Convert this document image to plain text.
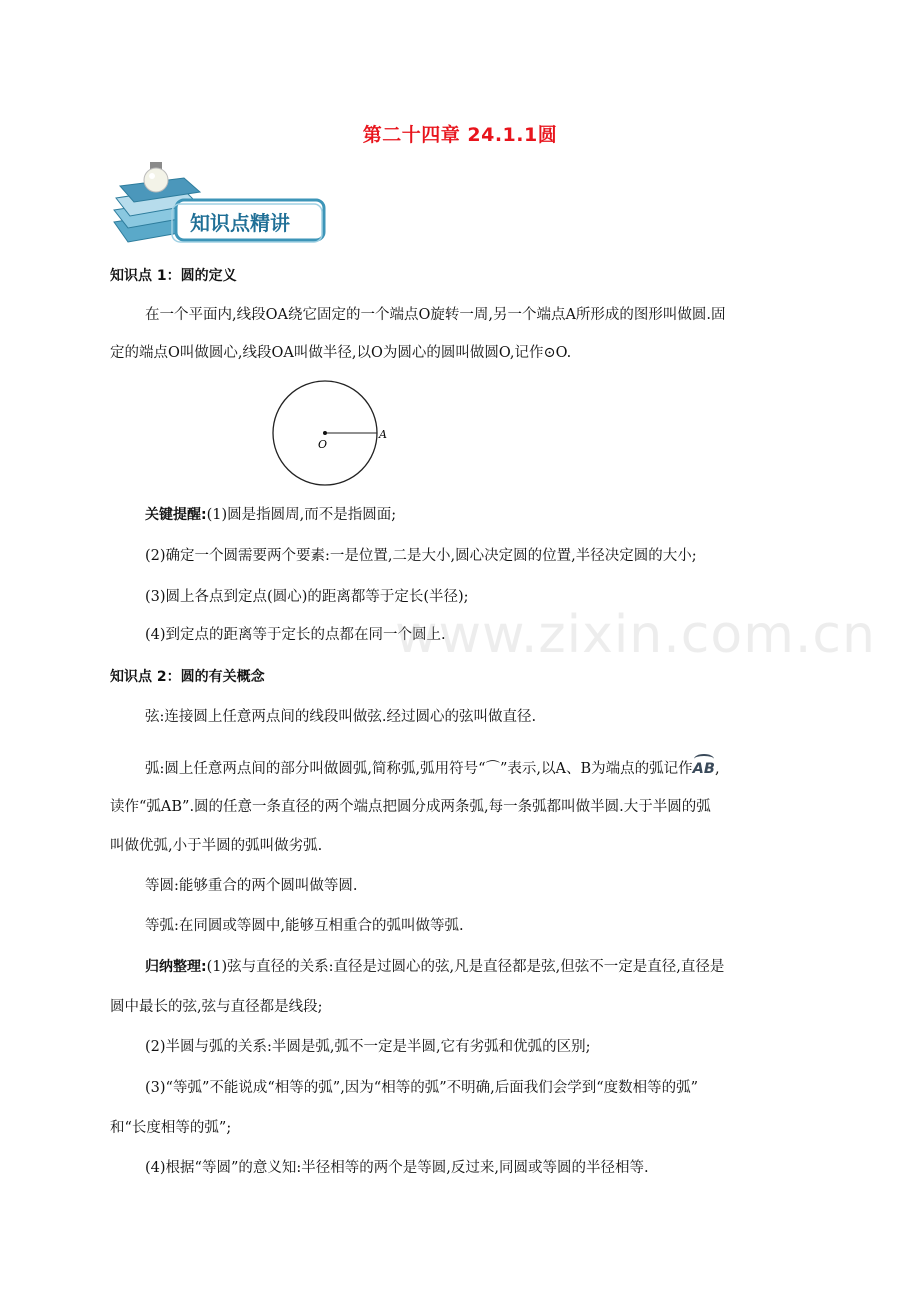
第二十四章 24.1.1圆
知识点精讲
知识点 1：圆的定义
在一个平面内,线段OA绕它固定的一个端点O旋转一周,另一个端点A所形成的图形叫做圆.固
定的端点O叫做圆心,线段OA叫做半径,以O为圆心的圆叫做圆O,记作⊙O.
O
A
关键提醒:(1)圆是指圆周,而不是指圆面;
(2)确定一个圆需要两个要素:一是位置,二是大小,圆心决定圆的位置,半径决定圆的大小;
(3)圆上各点到定点(圆心)的距离都等于定长(半径);
(4)到定点的距离等于定长的点都在同一个圆上.
www.zixin.com.cn
知识点 2：圆的有关概念
弦:连接圆上任意两点间的线段叫做弦.经过圆心的弦叫做直径.
弧:圆上任意两点间的部分叫做圆弧,简称弧,弧用符号“⌒”表示,以A、B为端点的弧记作AB,
读作“弧AB”.圆的任意一条直径的两个端点把圆分成两条弧,每一条弧都叫做半圆.大于半圆的弧
叫做优弧,小于半圆的弧叫做劣弧.
等圆:能够重合的两个圆叫做等圆.
等弧:在同圆或等圆中,能够互相重合的弧叫做等弧.
归纳整理:(1)弦与直径的关系:直径是过圆心的弦,凡是直径都是弦,但弦不一定是直径,直径是
圆中最长的弦,弦与直径都是线段;
(2)半圆与弧的关系:半圆是弧,弧不一定是半圆,它有劣弧和优弧的区别;
(3)“等弧”不能说成“相等的弧”,因为“相等的弧”不明确,后面我们会学到“度数相等的弧”
和“长度相等的弧”;
(4)根据“等圆”的意义知:半径相等的两个是等圆,反过来,同圆或等圆的半径相等.
